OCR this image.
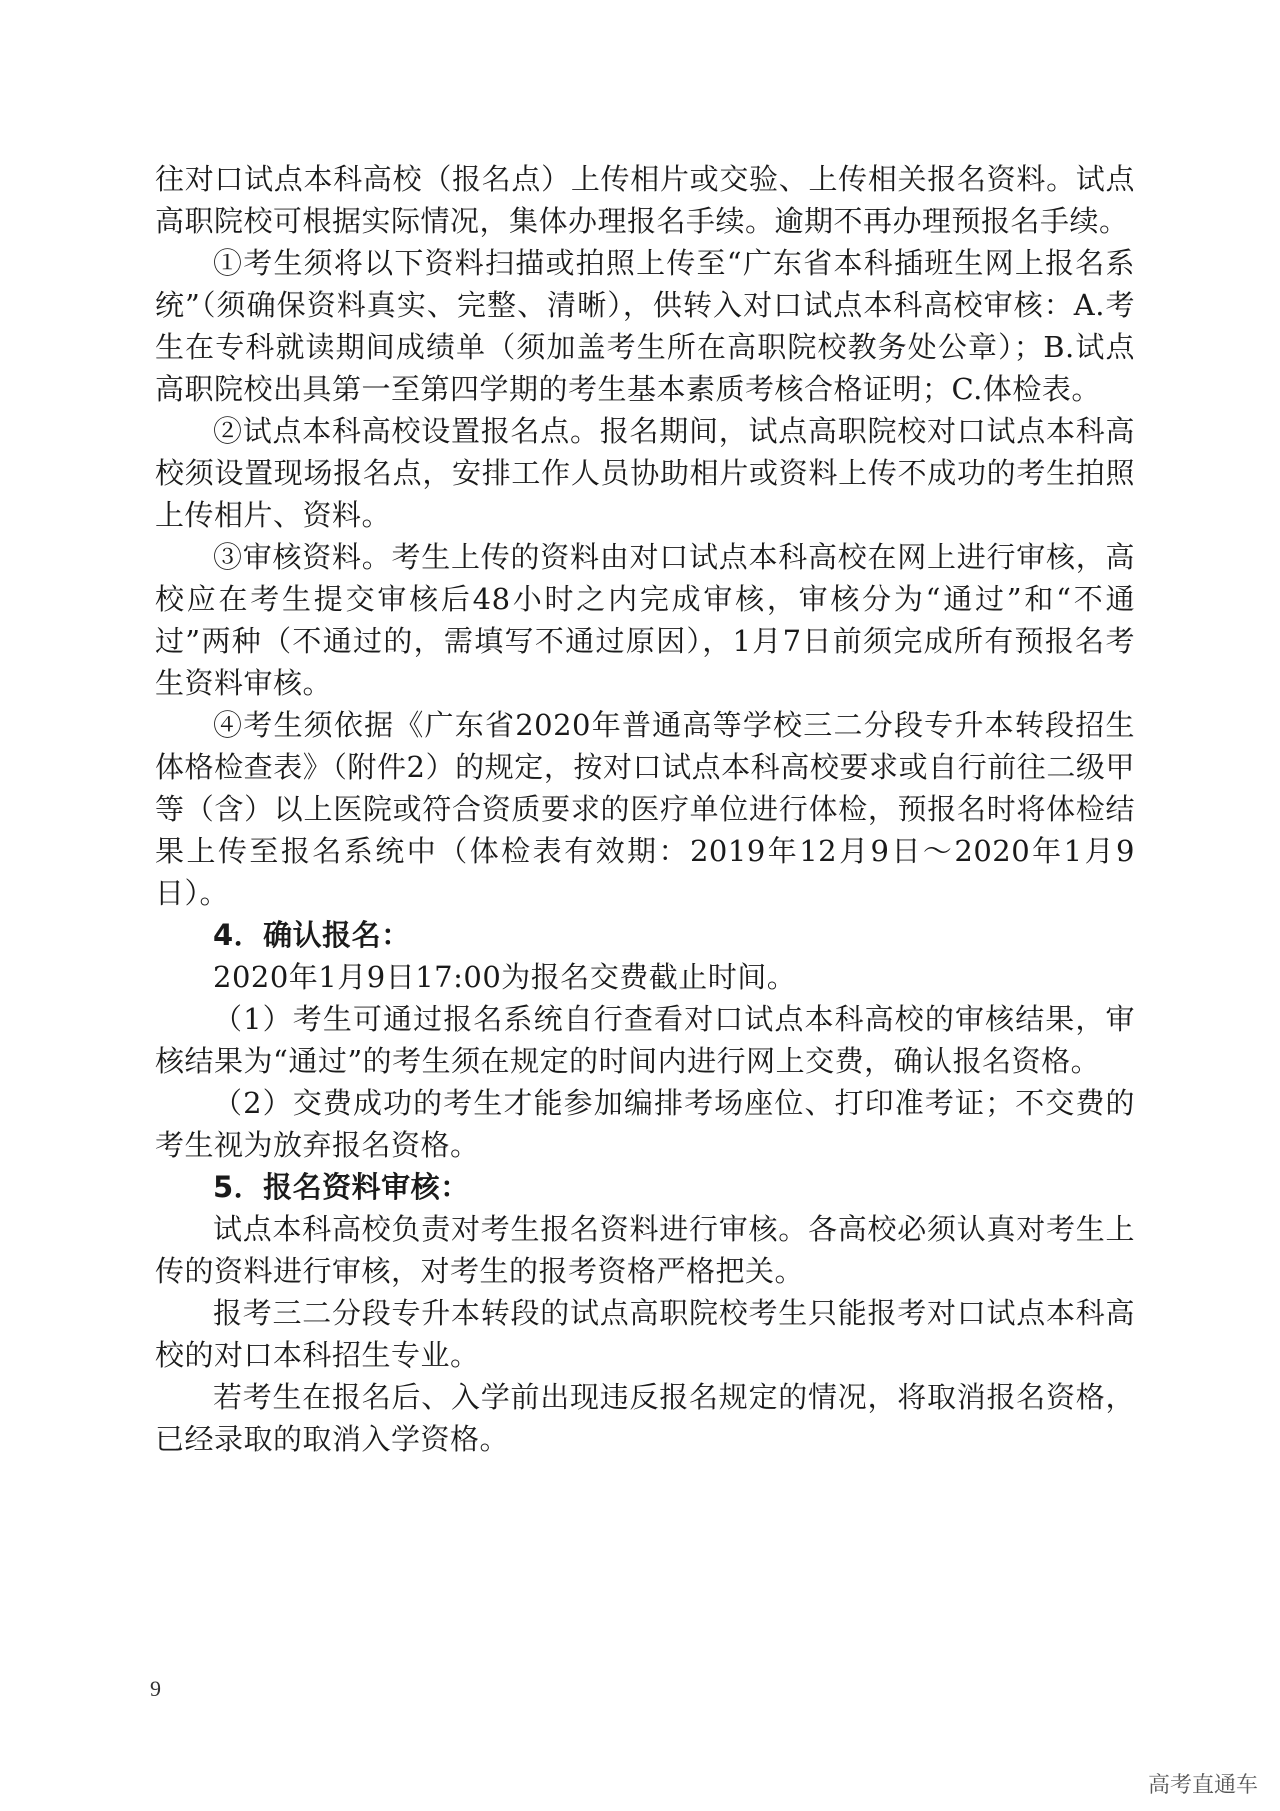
往对口试点本科高校（报名点）上传相片或交验、上传相关报名资料。试点高职院校可根据实际情况，集体办理报名手续。逾期不再办理预报名手续。

①考生须将以下资料扫描或拍照上传至“广东省本科插班生网上报名系统”（须确保资料真实、完整、清晰），供转入对口试点本科高校审核：A.考生在专科就读期间成绩单（须加盖考生所在高职院校教务处公章）；B.试点高职院校出具第一至第四学期的考生基本素质考核合格证明；C.体检表。

②试点本科高校设置报名点。报名期间，试点高职院校对口试点本科高校须设置现场报名点，安排工作人员协助相片或资料上传不成功的考生拍照上传相片、资料。

③审核资料。考生上传的资料由对口试点本科高校在网上进行审核，高校应在考生提交审核后48小时之内完成审核，审核分为“通过”和“不通过”两种（不通过的，需填写不通过原因），1月7日前须完成所有预报名考生资料审核。

④考生须依据《广东省2020年普通高等学校三二分段专升本转段招生体格检查表》（附件2）的规定，按对口试点本科高校要求或自行前往二级甲等（含）以上医院或符合资质要求的医疗单位进行体检，预报名时将体检结果上传至报名系统中（体检表有效期：2019年12月9日～2020年1月9日）。

4．确认报名：

2020年1月9日17:00为报名交费截止时间。

（1）考生可通过报名系统自行查看对口试点本科高校的审核结果，审核结果为“通过”的考生须在规定的时间内进行网上交费，确认报名资格。

（2）交费成功的考生才能参加编排考场座位、打印准考证；不交费的考生视为放弃报名资格。

5．报名资料审核：

试点本科高校负责对考生报名资料进行审核。各高校必须认真对考生上传的资料进行审核，对考生的报考资格严格把关。

报考三二分段专升本转段的试点高职院校考生只能报考对口试点本科高校的对口本科招生专业。

若考生在报名后、入学前出现违反报名规定的情况，将取消报名资格，已经录取的取消入学资格。

9
高考直通车
